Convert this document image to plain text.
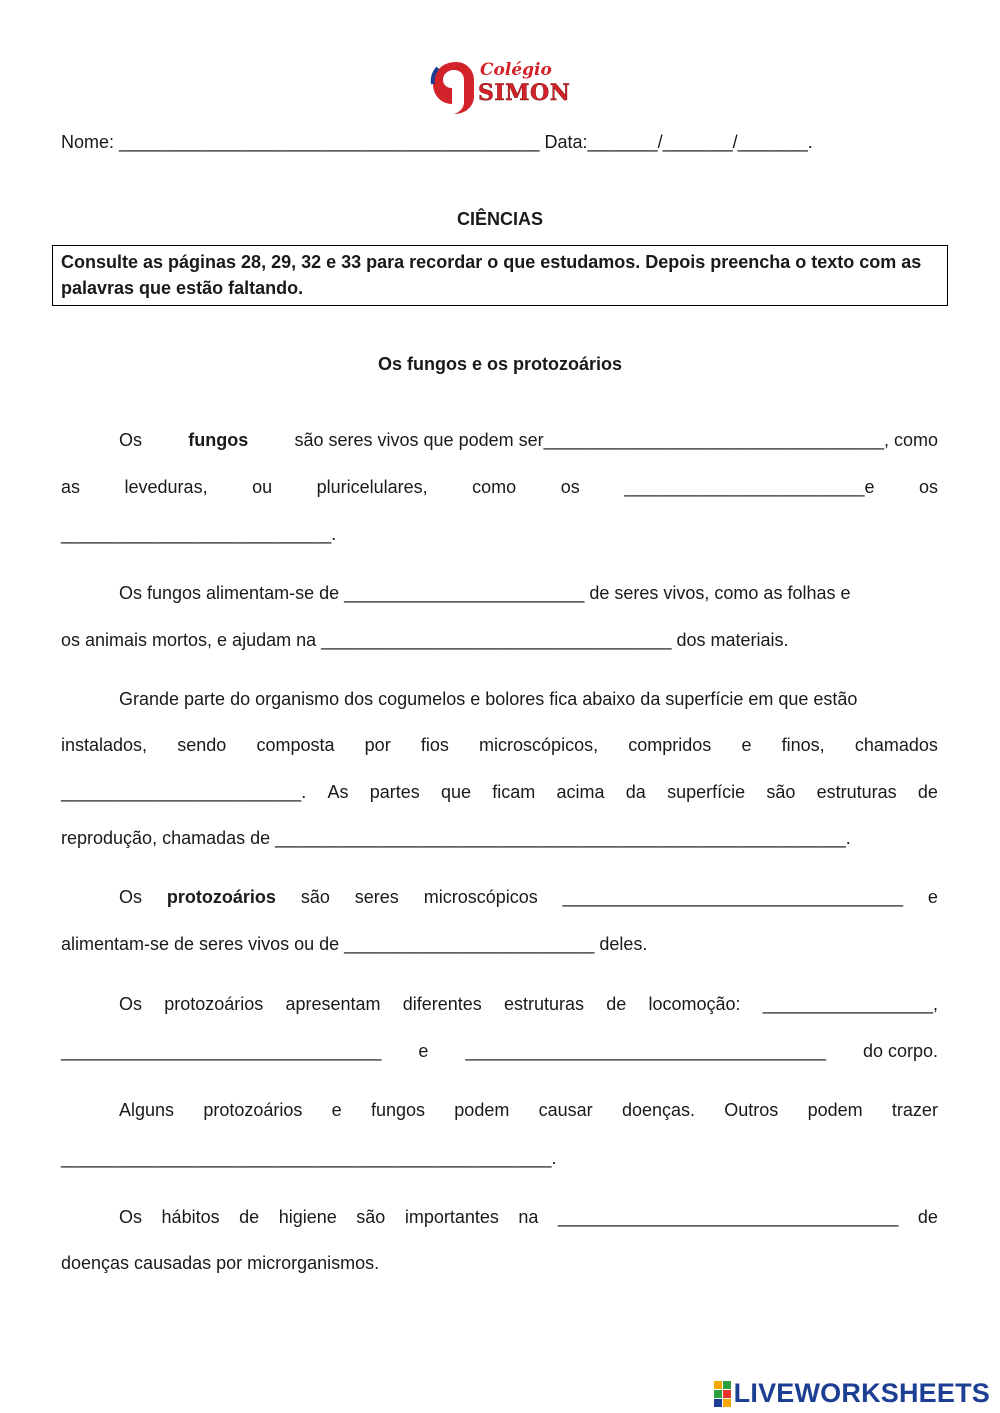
Colégio
SIMON
Nome: __________________________________________ Data:_______/_______/_______.
CIÊNCIAS
Consulte as páginas 28, 29, 32 e 33 para recordar o que estudamos. Depois preencha o texto com as palavras que estão faltando.
Os fungos e os protozoários
Os	fungos	são seres vivos que podem ser__________________________________, como
as leveduras, ou pluricelulares, como os ________________________e os
___________________________.
Os fungos alimentam-se de ________________________ de seres vivos, como as folhas e
os animais mortos, e ajudam na ___________________________________ dos materiais.
Grande parte do organismo dos cogumelos e bolores fica abaixo da superfície em que estão
instalados, sendo composta por fios microscópicos, compridos e finos, chamados
________________________. As partes que ficam acima da superfície são estruturas de
reprodução, chamadas de _________________________________________________________.
Os protozoários são seres microscópicos __________________________________ e
alimentam-se de seres vivos ou de _________________________ deles.
Os protozoários apresentam diferentes estruturas de locomoção: _________________,
________________________________ e ____________________________________ do corpo.
Alguns protozoários e fungos podem causar doenças. Outros podem trazer
_________________________________________________.
Os hábitos de higiene são importantes na __________________________________ de
doenças causadas por microrganismos.
LIVEWORKSHEETS
